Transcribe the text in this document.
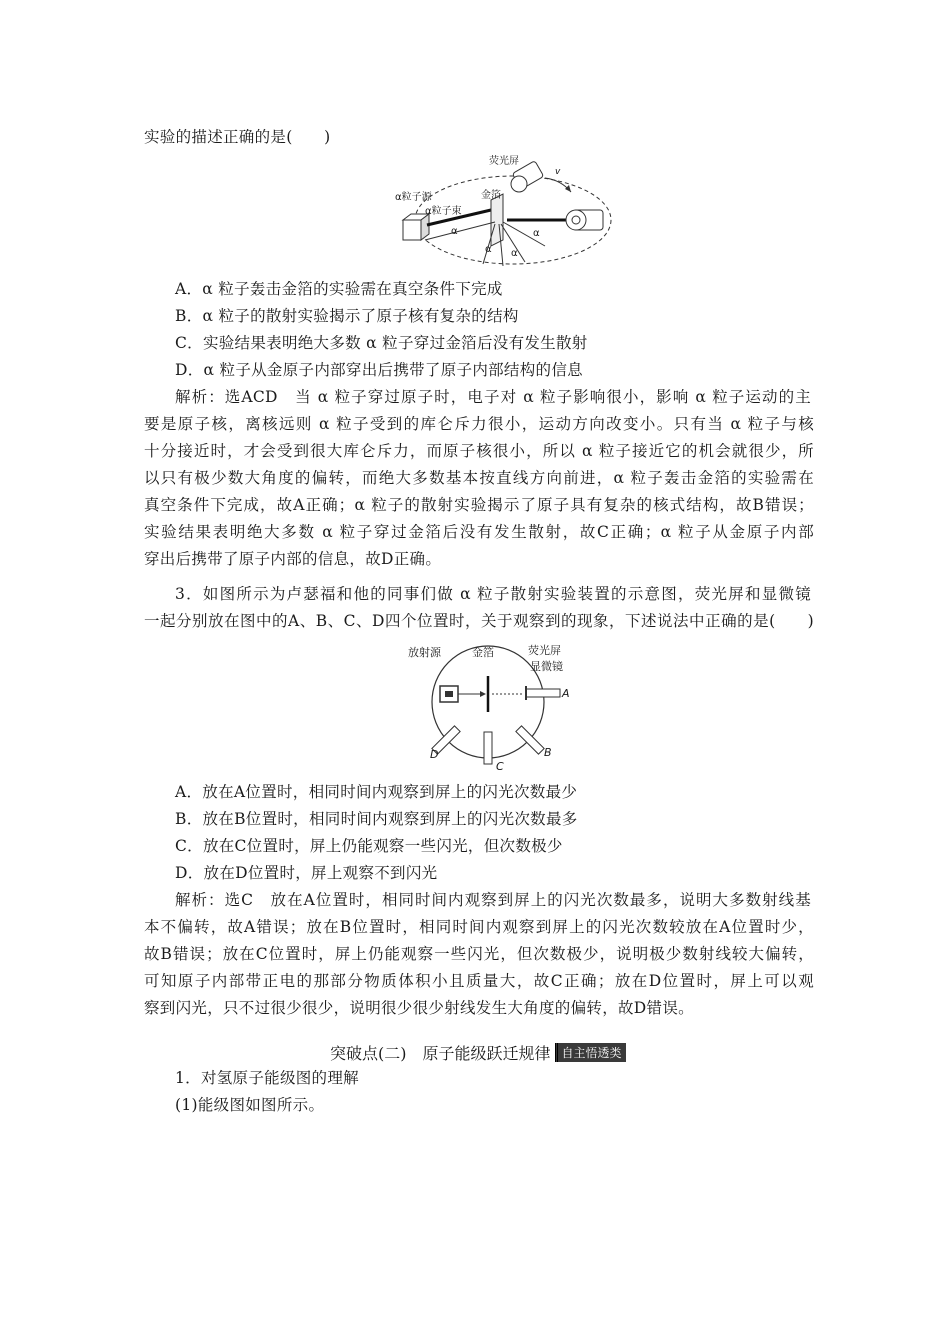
实验的描述正确的是(　　)
荧光屏
v
α粒子源	金箔
α粒子束
α
α α
α
A．α 粒子轰击金箔的实验需在真空条件下完成
B．α 粒子的散射实验揭示了原子核有复杂的结构
C．实验结果表明绝大多数 α 粒子穿过金箔后没有发生散射
D．α 粒子从金原子内部穿出后携带了原子内部结构的信息
解析：选ACD　当 α 粒子穿过原子时，电子对 α 粒子影响很小，影响 α 粒子运动的主
要是原子核，离核远则 α 粒子受到的库仑斥力很小，运动方向改变小。只有当 α 粒子与核
十分接近时，才会受到很大库仑斥力，而原子核很小，所以 α 粒子接近它的机会就很少，所
以只有极少数大角度的偏转，而绝大多数基本按直线方向前进，α 粒子轰击金箔的实验需在
真空条件下完成，故A正确；α 粒子的散射实验揭示了原子具有复杂的核式结构，故B错误；
实验结果表明绝大多数 α 粒子穿过金箔后没有发生散射，故C正确；α 粒子从金原子内部
穿出后携带了原子内部的信息，故D正确。
3．如图所示为卢瑟福和他的同事们做 α 粒子散射实验装置的示意图，荧光屏和显微镜
一起分别放在图中的A、B、C、D四个位置时，关于观察到的现象，下述说法中正确的是(　　)
放射源	金箔	荧光屏
显微镜
A
B
C
D
A．放在A位置时，相同时间内观察到屏上的闪光次数最少
B．放在B位置时，相同时间内观察到屏上的闪光次数最多
C．放在C位置时，屏上仍能观察一些闪光，但次数极少
D．放在D位置时，屏上观察不到闪光
解析：选C　放在A位置时，相同时间内观察到屏上的闪光次数最多，说明大多数射线基
本不偏转，故A错误；放在B位置时，相同时间内观察到屏上的闪光次数较放在A位置时少，
故B错误；放在C位置时，屏上仍能观察一些闪光，但次数极少，说明极少数射线较大偏转，
可知原子内部带正电的那部分物质体积小且质量大，故C正确；放在D位置时，屏上可以观
察到闪光，只不过很少很少，说明很少很少射线发生大角度的偏转，故D错误。
突破点(二)　原子能级跃迁规律 自主悟透类
1．对氢原子能级图的理解
(1)能级图如图所示。
